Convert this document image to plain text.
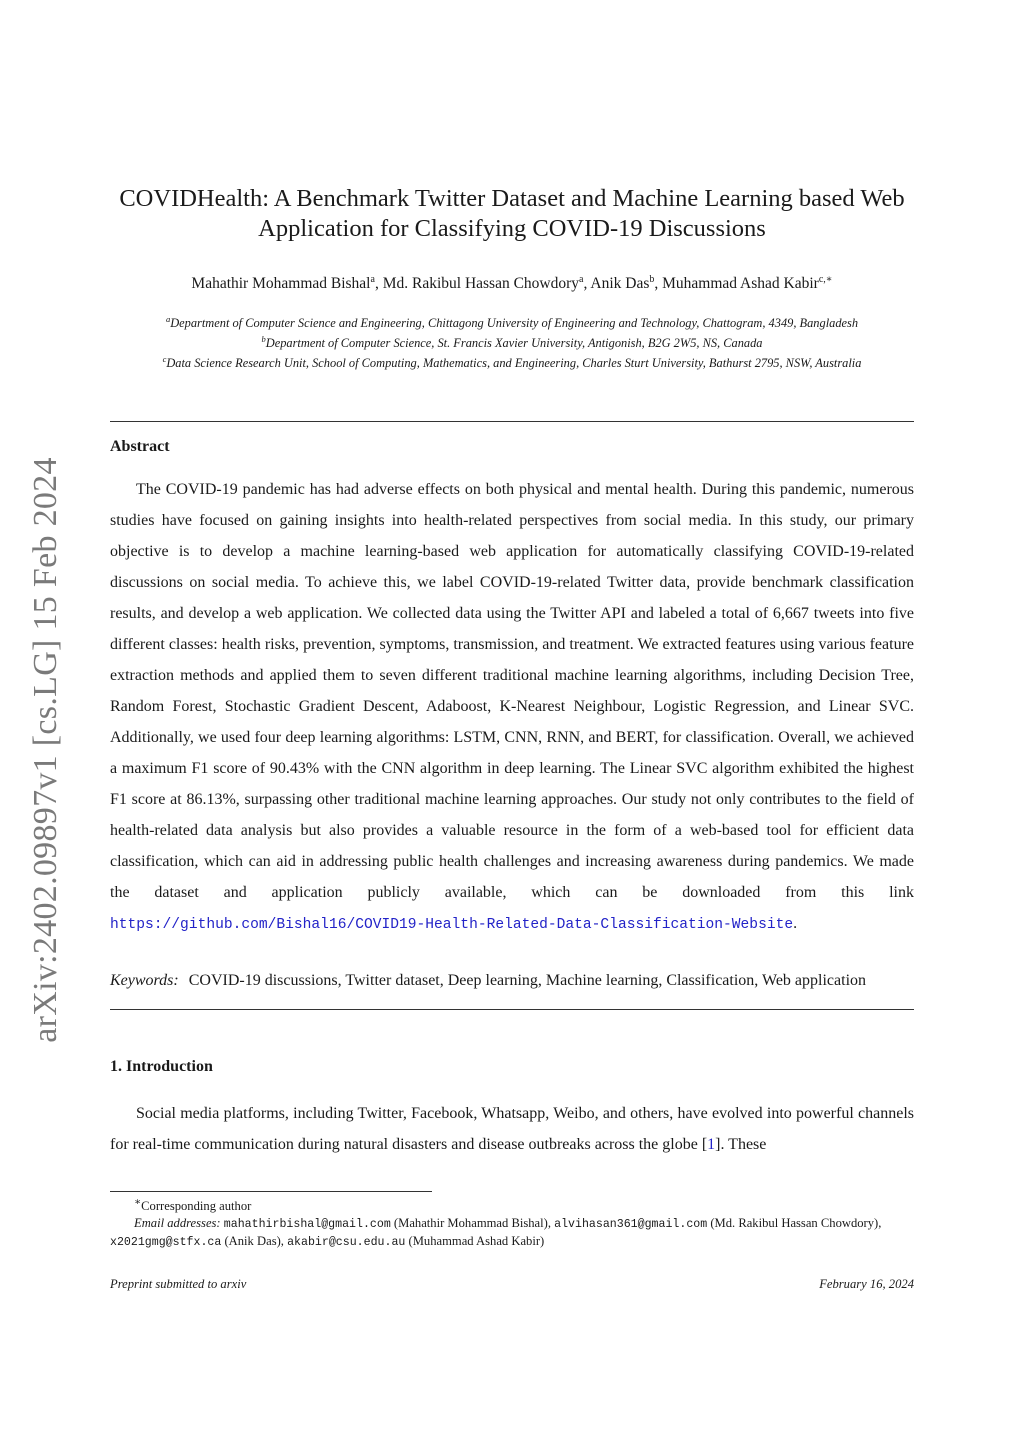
arXiv:2402.09897v1 [cs.LG] 15 Feb 2024
COVIDHealth: A Benchmark Twitter Dataset and Machine Learning based Web
Application for Classifying COVID-19 Discussions
Mahathir Mohammad Bishal$^a$, Md. Rakibul Hassan Chowdory$^a$, Anik Das$^b$, Muhammad Ashad Kabir$^{c,∗}$
$^a$Department of Computer Science and Engineering, Chittagong University of Engineering and Technology, Chattogram, 4349, Bangladesh
$^b$Department of Computer Science, St. Francis Xavier University, Antigonish, B2G 2W5, NS, Canada
$^c$Data Science Research Unit, School of Computing, Mathematics, and Engineering, Charles Sturt University, Bathurst 2795, NSW, Australia
Abstract

The COVID-19 pandemic has had adverse effects on both physical and mental health. During this pandemic, numerous studies have focused on gaining insights into health-related perspectives from social media. In this study, our primary objective is to develop a machine learning-based web application for automatically classifying COVID-19-related discussions on social media. To achieve this, we label COVID-19-related Twitter data, provide benchmark classification results, and develop a web application. We collected data using the Twitter API and labeled a total of 6,667 tweets into five different classes: health risks, prevention, symptoms, transmission, and treatment. We extracted features using various feature extraction methods and applied them to seven different traditional machine learning algorithms, including Decision Tree, Random Forest, Stochastic Gradient Descent, Adaboost, K-Nearest Neighbour, Logistic Regression, and Linear SVC. Additionally, we used four deep learning algorithms: LSTM, CNN, RNN, and BERT, for classification. Overall, we achieved a maximum F1 score of 90.43% with the CNN algorithm in deep learning. The Linear SVC algorithm exhibited the highest F1 score at 86.13%, surpassing other traditional machine learning approaches. Our study not only contributes to the field of health-related data analysis but also provides a valuable resource in the form of a web-based tool for efficient data classification, which can aid in addressing public health challenges and increasing awareness during pandemics. We made the dataset and application publicly available, which can be downloaded from this link https://github.com/Bishal16/COVID19-Health-Related-Data-Classification-Website.

Keywords: COVID-19 discussions, Twitter dataset, Deep learning, Machine learning, Classification, Web application
1. Introduction

Social media platforms, including Twitter, Facebook, Whatsapp, Weibo, and others, have evolved into powerful channels for real-time communication during natural disasters and disease outbreaks across the globe [1]. These

∗Corresponding author
Email addresses: mahathirbishal@gmail.com (Mahathir Mohammad Bishal), alvihasan361@gmail.com (Md. Rakibul Hassan Chowdory), x2021gmg@stfx.ca (Anik Das), akabir@csu.edu.au (Muhammad Ashad Kabir)
Preprint submitted to arxiv	February 16, 2024
